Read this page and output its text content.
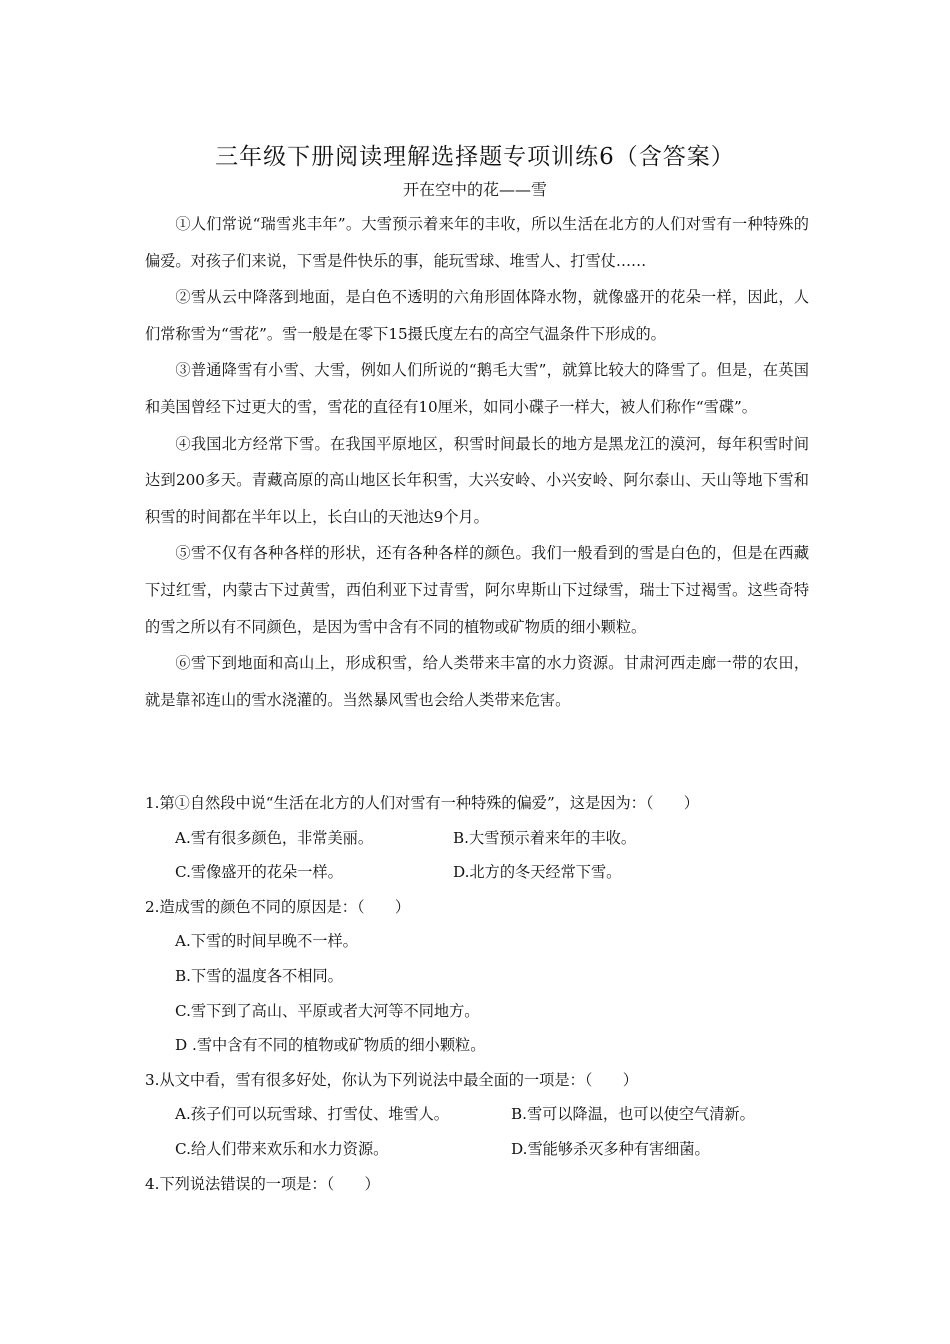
三年级下册阅读理解选择题专项训练6（含答案）
开在空中的花——雪

①人们常说“瑞雪兆丰年”。大雪预示着来年的丰收，所以生活在北方的人们对雪有一种特殊的偏爱。对孩子们来说，下雪是件快乐的事，能玩雪球、堆雪人、打雪仗……

②雪从云中降落到地面，是白色不透明的六角形固体降水物，就像盛开的花朵一样，因此，人们常称雪为“雪花”。雪一般是在零下15摄氏度左右的高空气温条件下形成的。

③普通降雪有小雪、大雪，例如人们所说的“鹅毛大雪”，就算比较大的降雪了。但是，在英国和美国曾经下过更大的雪，雪花的直径有10厘米，如同小碟子一样大，被人们称作“雪碟”。

④我国北方经常下雪。在我国平原地区，积雪时间最长的地方是黑龙江的漠河，每年积雪时间达到200多天。青藏高原的高山地区长年积雪，大兴安岭、小兴安岭、阿尔泰山、天山等地下雪和积雪的时间都在半年以上，长白山的天池达9个月。

⑤雪不仅有各种各样的形状，还有各种各样的颜色。我们一般看到的雪是白色的，但是在西藏下过红雪，内蒙古下过黄雪，西伯利亚下过青雪，阿尔卑斯山下过绿雪，瑞士下过褐雪。这些奇特的雪之所以有不同颜色，是因为雪中含有不同的植物或矿物质的细小颗粒。

⑥雪下到地面和高山上，形成积雪，给人类带来丰富的水力资源。甘肃河西走廊一带的农田，就是靠祁连山的雪水浇灌的。当然暴风雪也会给人类带来危害。

1.第①自然段中说“生活在北方的人们对雪有一种特殊的偏爱”，这是因为：（　　）

A.雪有很多颜色，非常美丽。	B.大雪预示着来年的丰收。

C.雪像盛开的花朵一样。	D.北方的冬天经常下雪。

2.造成雪的颜色不同的原因是：（　　）

A.下雪的时间早晚不一样。

B.下雪的温度各不相同。

C.雪下到了高山、平原或者大河等不同地方。

D .雪中含有不同的植物或矿物质的细小颗粒。

3.从文中看，雪有很多好处，你认为下列说法中最全面的一项是：（　　）

A.孩子们可以玩雪球、打雪仗、堆雪人。	B.雪可以降温，也可以使空气清新。

C.给人们带来欢乐和水力资源。	D.雪能够杀灭多种有害细菌。

4.下列说法错误的一项是：（　　）
